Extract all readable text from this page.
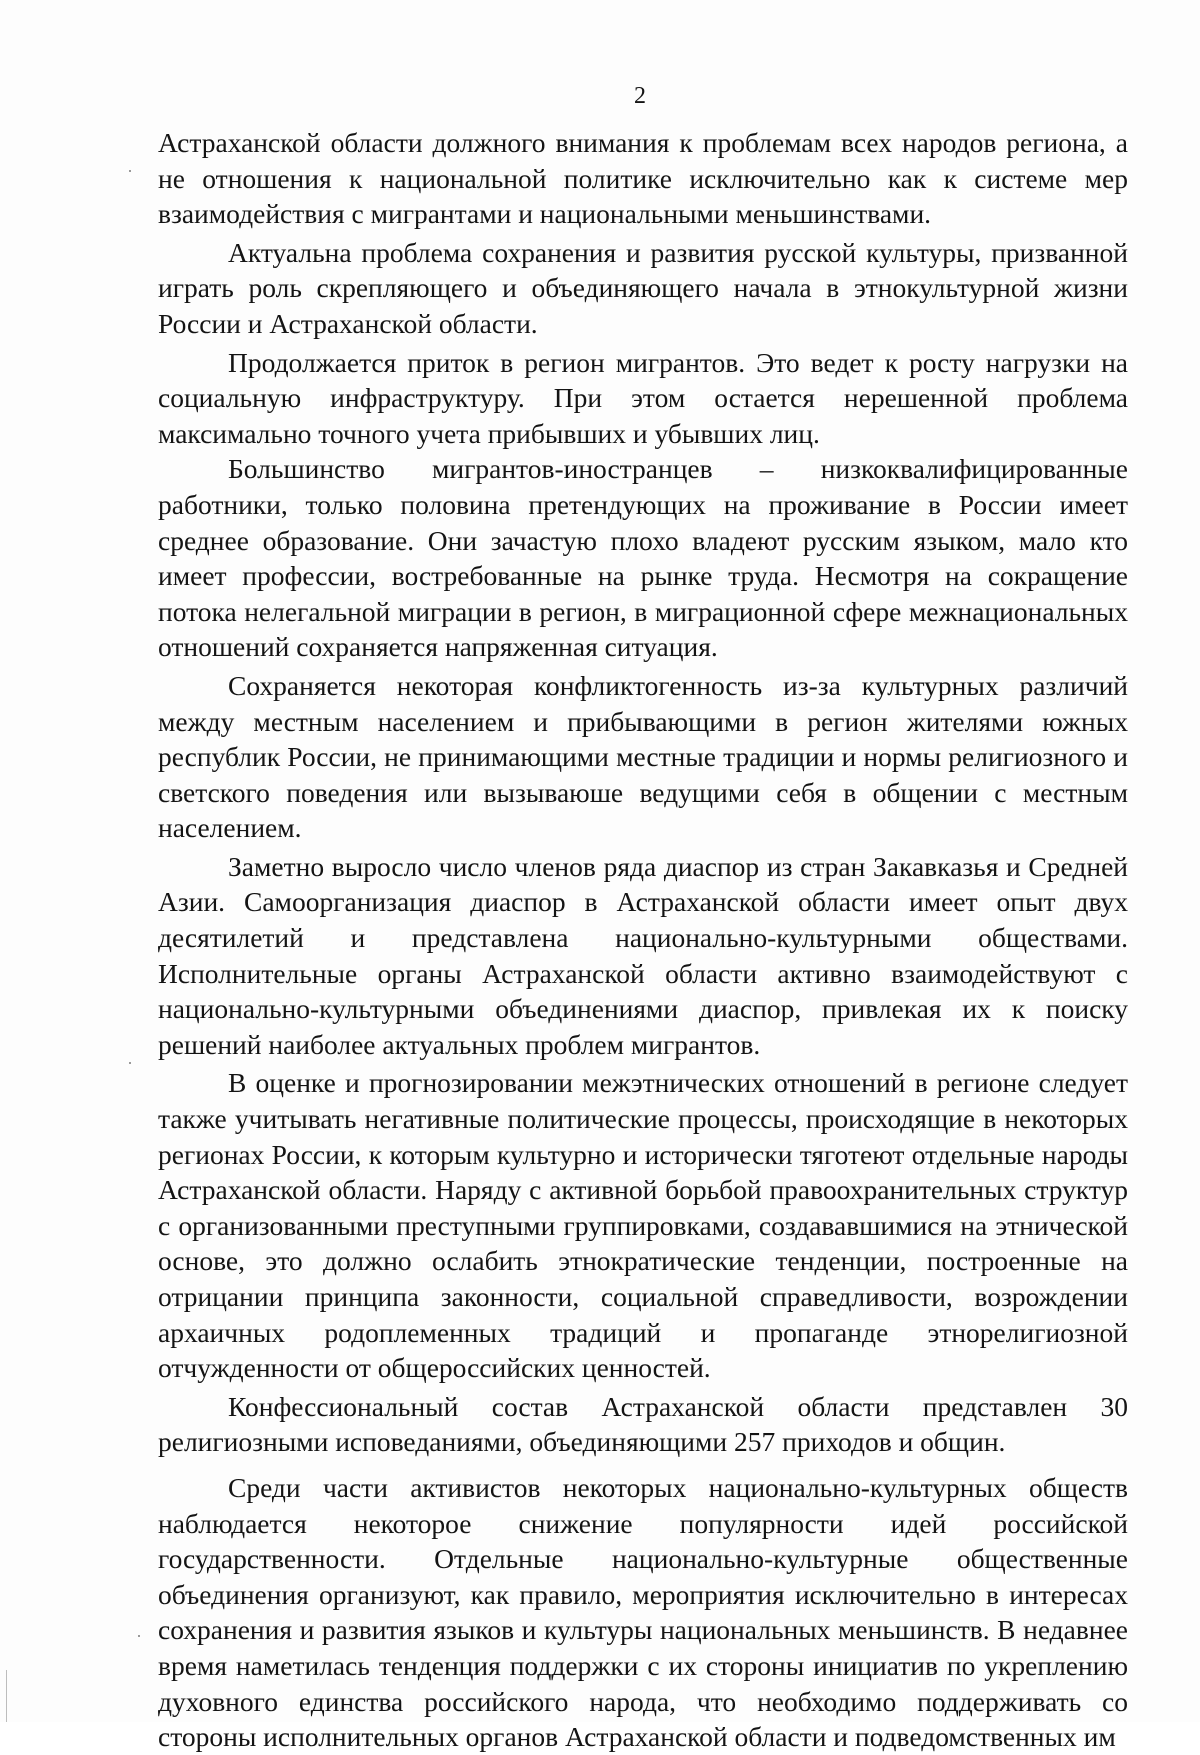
2

Астраханской области должного внимания к проблемам всех народов региона, а не отношения к национальной политике исключительно как к системе мер взаимодействия с мигрантами и национальными меньшинствами.

Актуальна проблема сохранения и развития русской культуры, призванной играть роль скрепляющего и объединяющего начала в этнокультурной жизни России и Астраханской области.

Продолжается приток в регион мигрантов. Это ведет к росту нагрузки на социальную инфраструктуру. При этом остается нерешенной проблема максимально точного учета прибывших и убывших лиц.

Большинство мигрантов-иностранцев – низкоквалифицированные работники, только половина претендующих на проживание в России имеет среднее образование. Они зачастую плохо владеют русским языком, мало кто имеет профессии, востребованные на рынке труда. Несмотря на сокращение потока нелегальной миграции в регион, в миграционной сфере межнациональных отношений сохраняется напряженная ситуация.

Сохраняется некоторая конфликтогенность из-за культурных различий между местным населением и прибывающими в регион жителями южных республик России, не принимающими местные традиции и нормы религиозного и светского поведения или вызываюше ведущими себя в общении с местным населением.

Заметно выросло число членов ряда диаспор из стран Закавказья и Средней Азии. Самоорганизация диаспор в Астраханской области имеет опыт двух десятилетий и представлена национально-культурными обществами. Исполнительные органы Астраханской области активно взаимодействуют с национально-культурными объединениями диаспор, привлекая их к поиску решений наиболее актуальных проблем мигрантов.

В оценке и прогнозировании межэтнических отношений в регионе следует также учитывать негативные политические процессы, происходящие в некоторых регионах России, к которым культурно и исторически тяготеют отдельные народы Астраханской области. Наряду с активной борьбой правоохранительных структур с организованными преступными группировками, создававшимися на этнической основе, это должно ослабить этнократические тенденции, построенные на отрицании принципа законности, социальной справедливости, возрождении архаичных родоплеменных традиций и пропаганде этнорелигиозной отчужденности от общероссийских ценностей.

Конфессиональный состав Астраханской области представлен 30 религиозными исповеданиями, объединяющими 257 приходов и общин.

Среди части активистов некоторых национально-культурных обществ наблюдается некоторое снижение популярности идей российской государственности. Отдельные национально-культурные общественные объединения организуют, как правило, мероприятия исключительно в интересах сохранения и развития языков и культуры национальных меньшинств. В недавнее время наметилась тенденция поддержки с их стороны инициатив по укреплению духовного единства российского народа, что необходимо поддерживать со стороны исполнительных органов Астраханской области и подведомственных им
